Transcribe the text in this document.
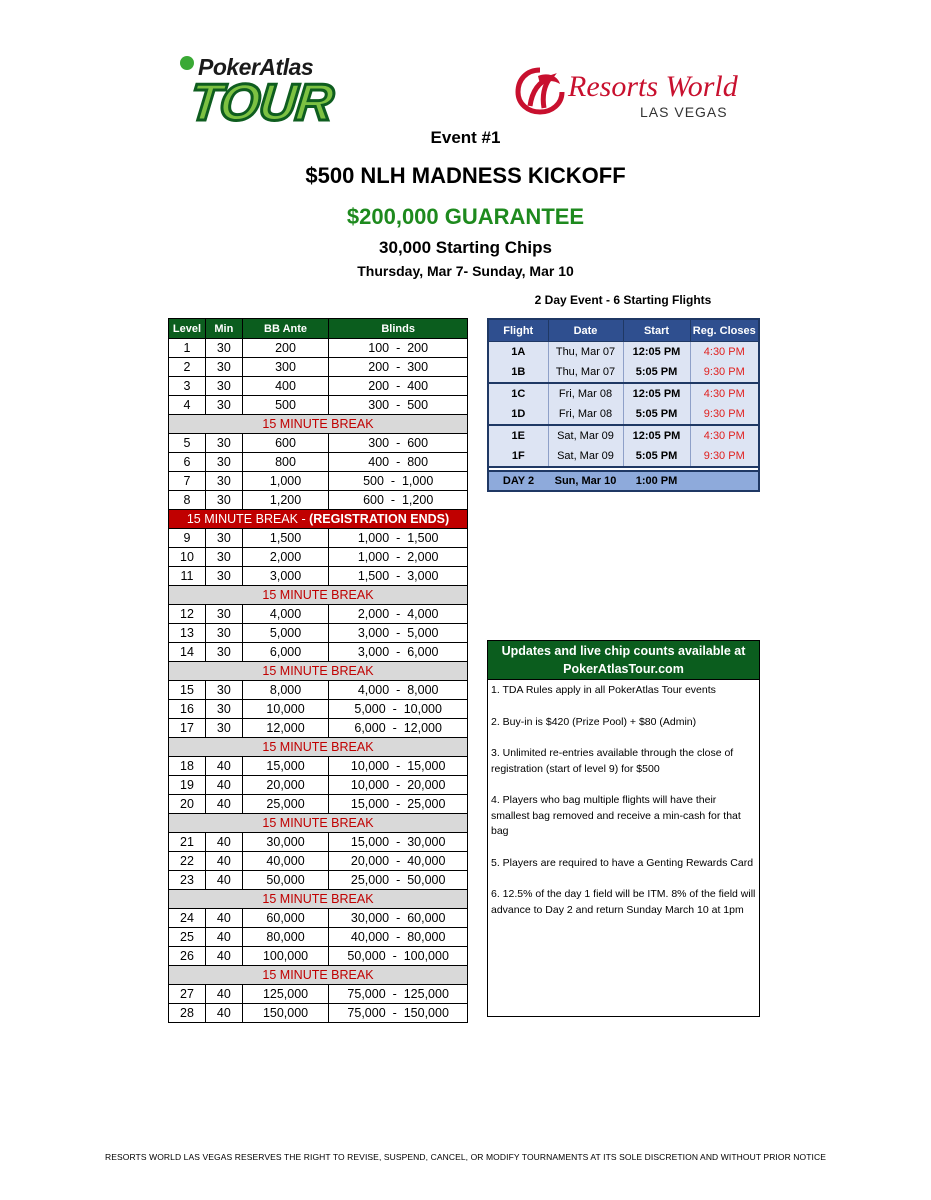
PokerAtlas
TOUR	Resorts World
LAS VEGAS
Event #1
$500 NLH MADNESS KICKOFF
$200,000 GUARANTEE
30,000 Starting Chips
Thursday, Mar 7- Sunday, Mar 10
2 Day Event - 6 Starting Flights
Level	Min	BB Ante	Blinds
1	30	200	100  -  200
2	30	300	200  -  300
3	30	400	200  -  400
4	30	500	300  -  500
15 MINUTE BREAK			
5	30	600	300  -  600
6	30	800	400  -  800
7	30	1,000	500  -  1,000
8	30	1,200	600  -  1,200
15 MINUTE BREAK - (REGISTRATION ENDS)			
9	30	1,500	1,000  -  1,500
10	30	2,000	1,000  -  2,000
11	30	3,000	1,500  -  3,000
15 MINUTE BREAK			
12	30	4,000	2,000  -  4,000
13	30	5,000	3,000  -  5,000
14	30	6,000	3,000  -  6,000
15 MINUTE BREAK			
15	30	8,000	4,000  -  8,000
16	30	10,000	5,000  -  10,000
17	30	12,000	6,000  -  12,000
15 MINUTE BREAK			
18	40	15,000	10,000  -  15,000
19	40	20,000	10,000  -  20,000
20	40	25,000	15,000  -  25,000
15 MINUTE BREAK			
21	40	30,000	15,000  -  30,000
22	40	40,000	20,000  -  40,000
23	40	50,000	25,000  -  50,000
15 MINUTE BREAK			
24	40	60,000	30,000  -  60,000
25	40	80,000	40,000  -  80,000
26	40	100,000	50,000  -  100,000
15 MINUTE BREAK			
27	40	125,000	75,000  -  125,000
28	40	150,000	75,000  -  150,000
Flight	Date	Start	Reg. Closes
1A	Thu, Mar 07	12:05 PM	4:30 PM
1B	Thu, Mar 07	5:05 PM	9:30 PM
1C	Fri, Mar 08	12:05 PM	4:30 PM
1D	Fri, Mar 08	5:05 PM	9:30 PM
1E	Sat, Mar 09	12:05 PM	4:30 PM
1F	Sat, Mar 09	5:05 PM	9:30 PM

DAY 2	Sun, Mar 10	1:00 PM	
Updates and live chip counts available at PokerAtlasTour.com

1. TDA Rules apply in all PokerAtlas Tour events

2. Buy-in is $420 (Prize Pool) + $80 (Admin)

3. Unlimited re-entries available through the close of registration (start of level 9) for $500

4. Players who bag multiple flights will have their smallest bag removed and receive a min-cash for that bag

5. Players are required to have a Genting Rewards Card

6. 12.5% of the day 1 field will be ITM. 8% of the field will advance to Day 2 and return Sunday March 10 at 1pm

RESORTS WORLD LAS VEGAS RESERVES THE RIGHT TO REVISE, SUSPEND, CANCEL, OR MODIFY TOURNAMENTS AT ITS SOLE DISCRETION AND WITHOUT PRIOR NOTICE
